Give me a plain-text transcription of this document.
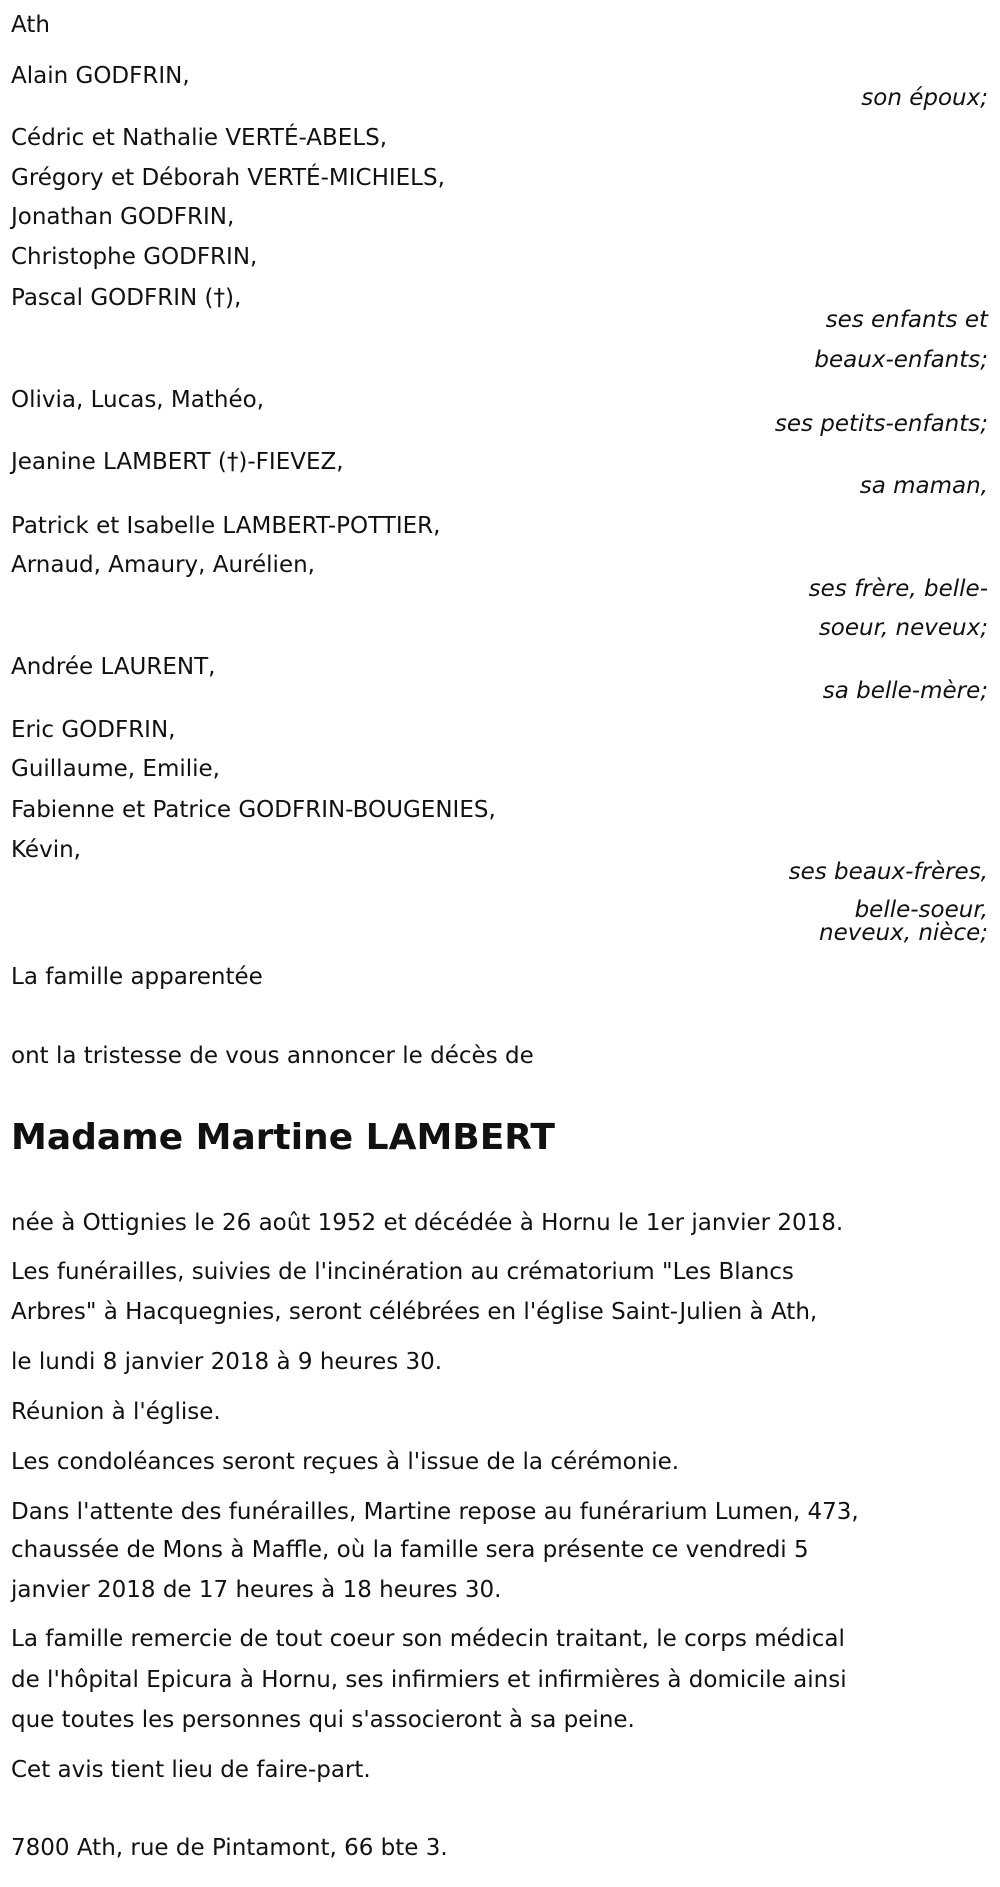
Ath
Alain GODFRIN,
son époux;
Cédric et Nathalie VERTÉ-ABELS,
Grégory et Déborah VERTÉ-MICHIELS,
Jonathan GODFRIN,
Christophe GODFRIN,
Pascal GODFRIN (†),
ses enfants et
beaux-enfants;
Olivia, Lucas, Mathéo,
ses petits-enfants;
Jeanine LAMBERT (†)-FIEVEZ,
sa maman,
Patrick et Isabelle LAMBERT-POTTIER,
Arnaud, Amaury, Aurélien,
ses frère, belle-
soeur, neveux;
Andrée LAURENT,
sa belle-mère;
Eric GODFRIN,
Guillaume, Emilie,
Fabienne et Patrice GODFRIN-BOUGENIES,
Kévin,
ses beaux-frères,
belle-soeur,
neveux, nièce;
La famille apparentée
ont la tristesse de vous annoncer le décès de
Madame Martine LAMBERT
née à Ottignies le 26 août 1952 et décédée à Hornu le 1er janvier 2018.
Les funérailles, suivies de l'incinération au crématorium "Les Blancs
Arbres" à Hacquegnies, seront célébrées en l'église Saint-Julien à Ath,
le lundi 8 janvier 2018 à 9 heures 30.
Réunion à l'église.
Les condoléances seront reçues à l'issue de la cérémonie.
Dans l'attente des funérailles, Martine repose au funérarium Lumen, 473,
chaussée de Mons à Maffle, où la famille sera présente ce vendredi 5
janvier 2018 de 17 heures à 18 heures 30.
La famille remercie de tout coeur son médecin traitant, le corps médical
de l'hôpital Epicura à Hornu, ses infirmiers et infirmières à domicile ainsi
que toutes les personnes qui s'associeront à sa peine.
Cet avis tient lieu de faire-part.
7800 Ath, rue de Pintamont, 66 bte 3.
